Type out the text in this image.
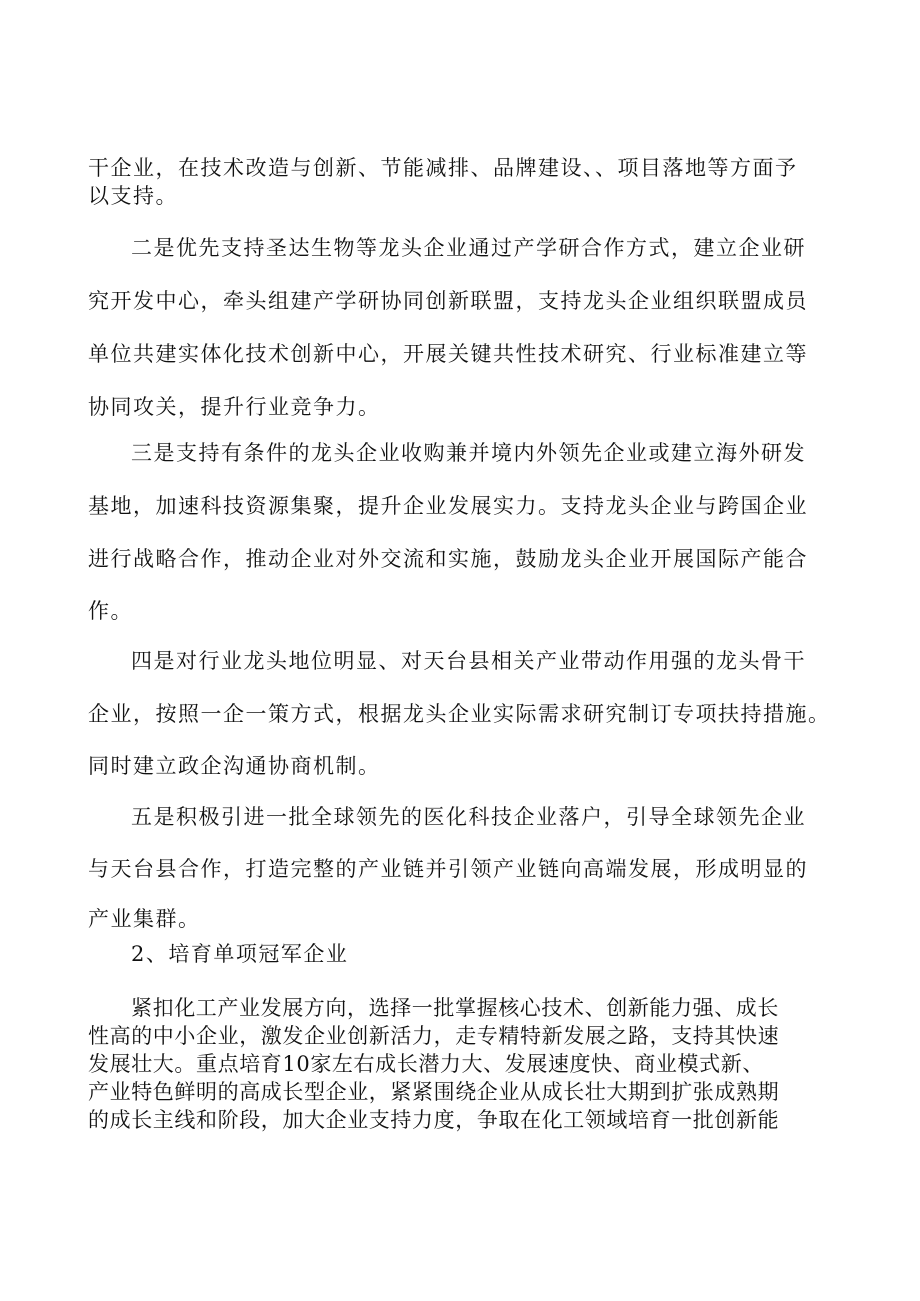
干企业，在技术改造与创新、节能减排、品牌建设、、项目落地等方面予

以支持。

二是优先支持圣达生物等龙头企业通过产学研合作方式，建立企业研

究开发中心，牵头组建产学研协同创新联盟，支持龙头企业组织联盟成员

单位共建实体化技术创新中心，开展关键共性技术研究、行业标准建立等

协同攻关，提升行业竞争力。

三是支持有条件的龙头企业收购兼并境内外领先企业或建立海外研发

基地，加速科技资源集聚，提升企业发展实力。支持龙头企业与跨国企业

进行战略合作，推动企业对外交流和实施，鼓励龙头企业开展国际产能合

作。

四是对行业龙头地位明显、对天台县相关产业带动作用强的龙头骨干

企业，按照一企一策方式，根据龙头企业实际需求研究制订专项扶持措施。

同时建立政企沟通协商机制。

五是积极引进一批全球领先的医化科技企业落户，引导全球领先企业

与天台县合作，打造完整的产业链并引领产业链向高端发展，形成明显的

产业集群。

2、培育单项冠军企业

紧扣化工产业发展方向，选择一批掌握核心技术、创新能力强、成长

性高的中小企业，激发企业创新活力，走专精特新发展之路，支持其快速

发展壮大。重点培育10家左右成长潜力大、发展速度快、商业模式新、

产业特色鲜明的高成长型企业，紧紧围绕企业从成长壮大期到扩张成熟期

的成长主线和阶段，加大企业支持力度，争取在化工领域培育一批创新能
